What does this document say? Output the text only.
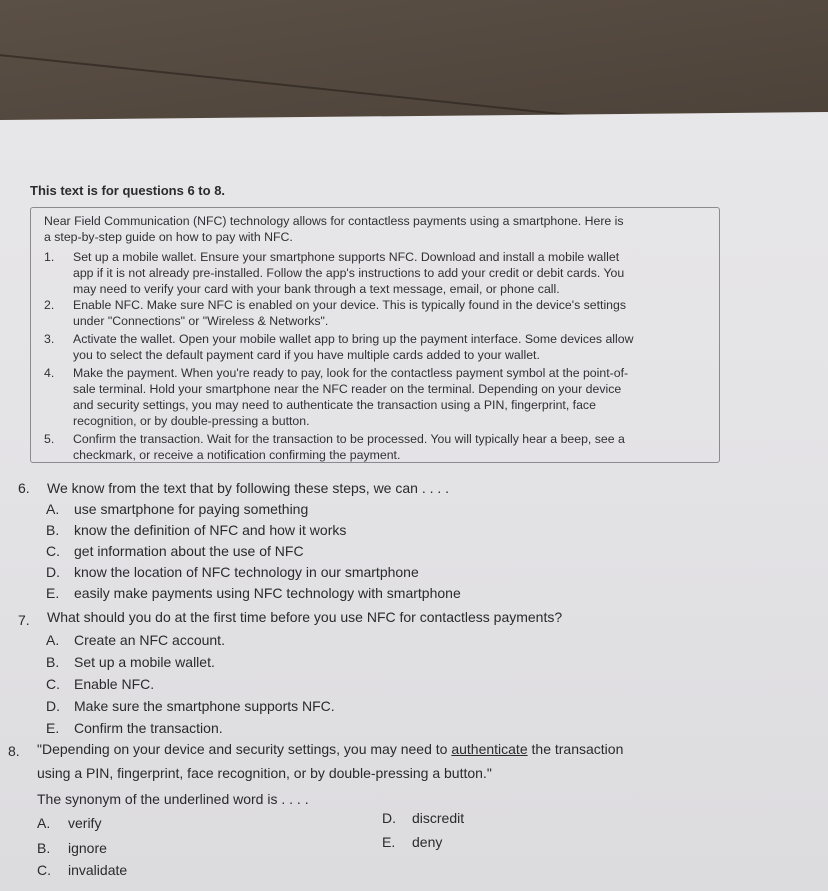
This text is for questions 6 to 8.
Near Field Communication (NFC) technology allows for contactless payments using a smartphone. Here is
a step-by-step guide on how to pay with NFC.
1. Set up a mobile wallet. Ensure your smartphone supports NFC. Download and install a mobile wallet
app if it is not already pre-installed. Follow the app's instructions to add your credit or debit cards. You
may need to verify your card with your bank through a text message, email, or phone call.
2. Enable NFC. Make sure NFC is enabled on your device. This is typically found in the device's settings
under "Connections" or "Wireless & Networks".
3. Activate the wallet. Open your mobile wallet app to bring up the payment interface. Some devices allow
you to select the default payment card if you have multiple cards added to your wallet.
4. Make the payment. When you're ready to pay, look for the contactless payment symbol at the point-of-
sale terminal. Hold your smartphone near the NFC reader on the terminal. Depending on your device
and security settings, you may need to authenticate the transaction using a PIN, fingerprint, face
recognition, or by double-pressing a button.
5. Confirm the transaction. Wait for the transaction to be processed. You will typically hear a beep, see a
checkmark, or receive a notification confirming the payment.
6. We know from the text that by following these steps, we can . . . .
A. use smartphone for paying something
B. know the definition of NFC and how it works
C. get information about the use of NFC
D. know the location of NFC technology in our smartphone
E. easily make payments using NFC technology with smartphone
7. What should you do at the first time before you use NFC for contactless payments?
A. Create an NFC account.
B. Set up a mobile wallet.
C. Enable NFC.
D. Make sure the smartphone supports NFC.
E. Confirm the transaction.
8. "Depending on your device and security settings, you may need to authenticate the transaction
using a PIN, fingerprint, face recognition, or by double-pressing a button."
The synonym of the underlined word is . . . .
A. verify
B. ignore
C. invalidate
D. discredit
E. deny
